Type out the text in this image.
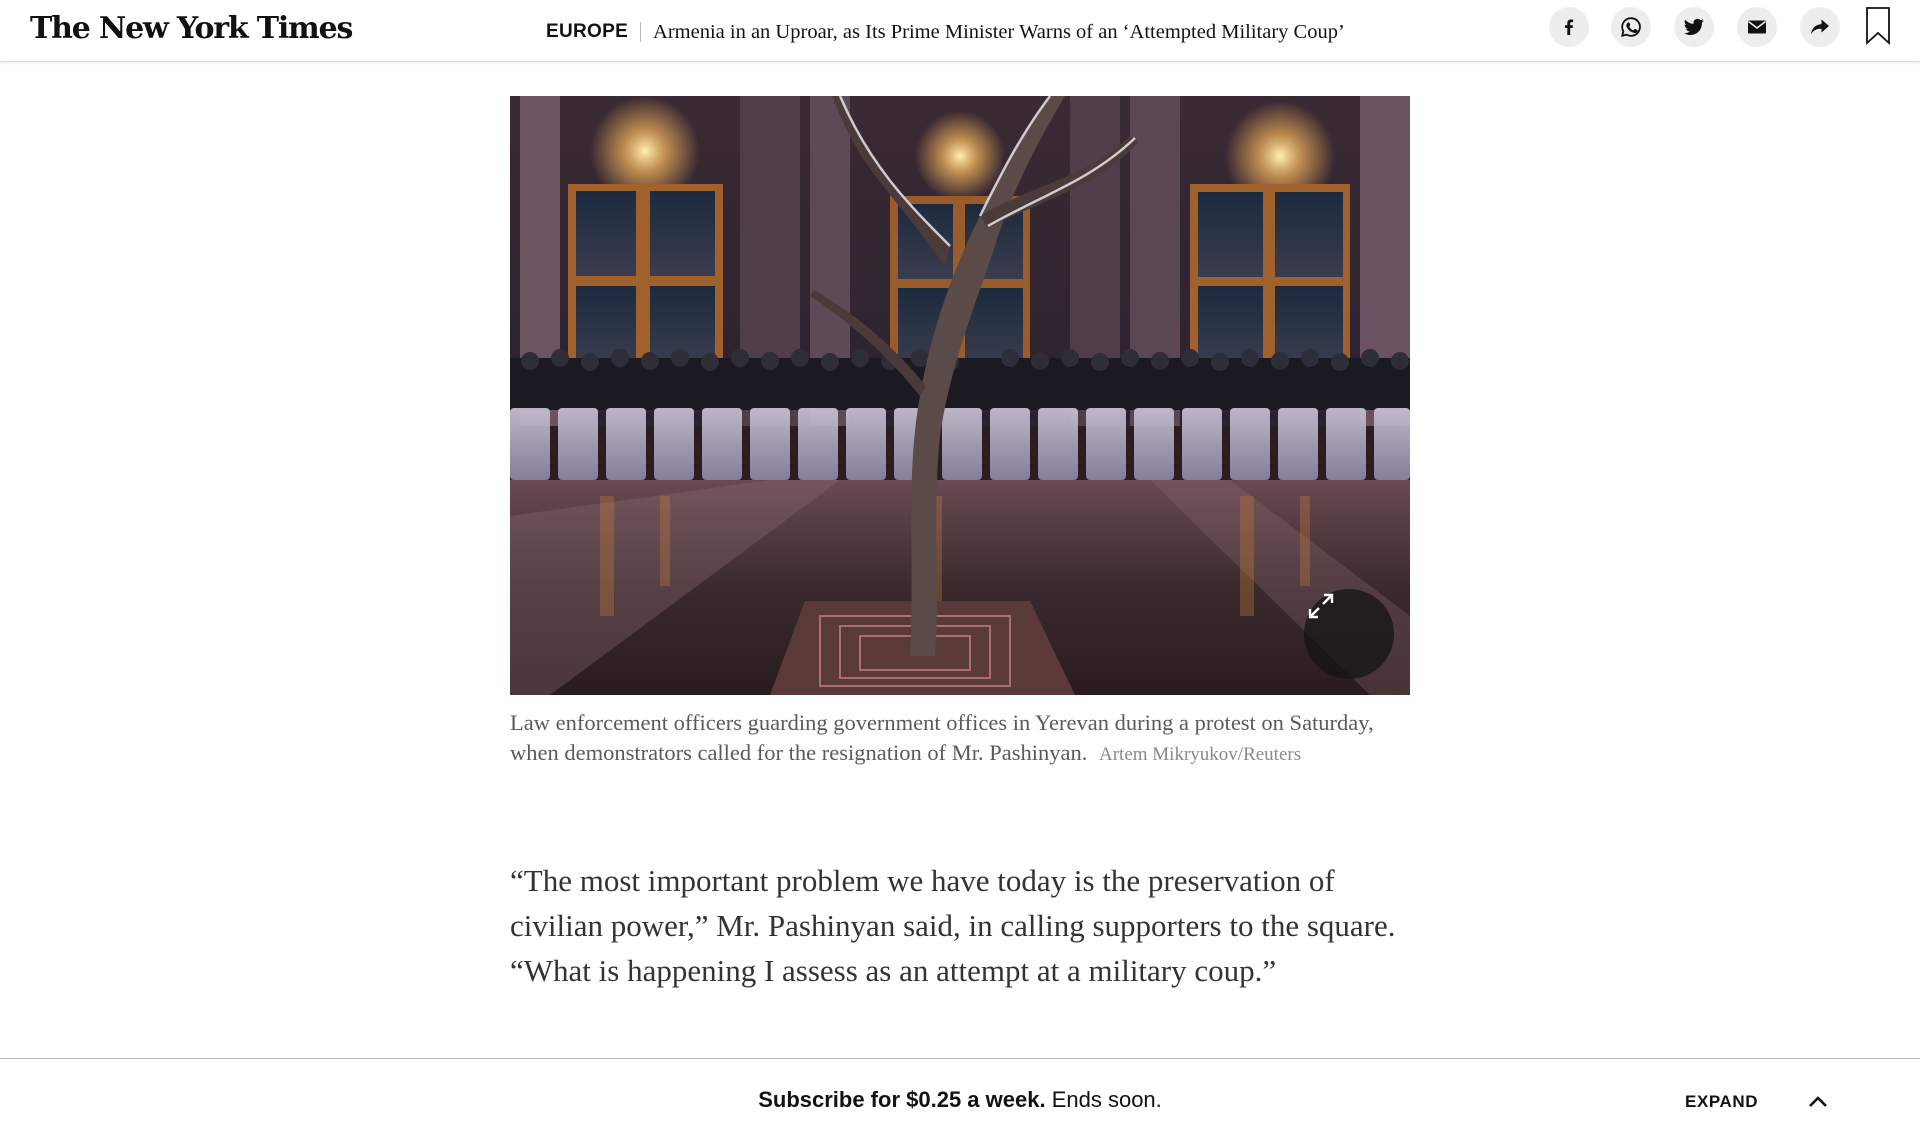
The New York Times	EUROPE Armenia in an Uproar, as Its Prime Minister Warns of an ‘Attempted Military Coup’
Law enforcement officers guarding government offices in Yerevan during a protest on Saturday, when demonstrators called for the resignation of Mr. Pashinyan. Artem Mikryukov/Reuters

“The most important problem we have today is the preservation of civilian power,” Mr. Pashinyan said, in calling supporters to the square. “What is happening I assess as an attempt at a military coup.”

Subscribe for $0.25 a week. Ends soon.	EXPAND
